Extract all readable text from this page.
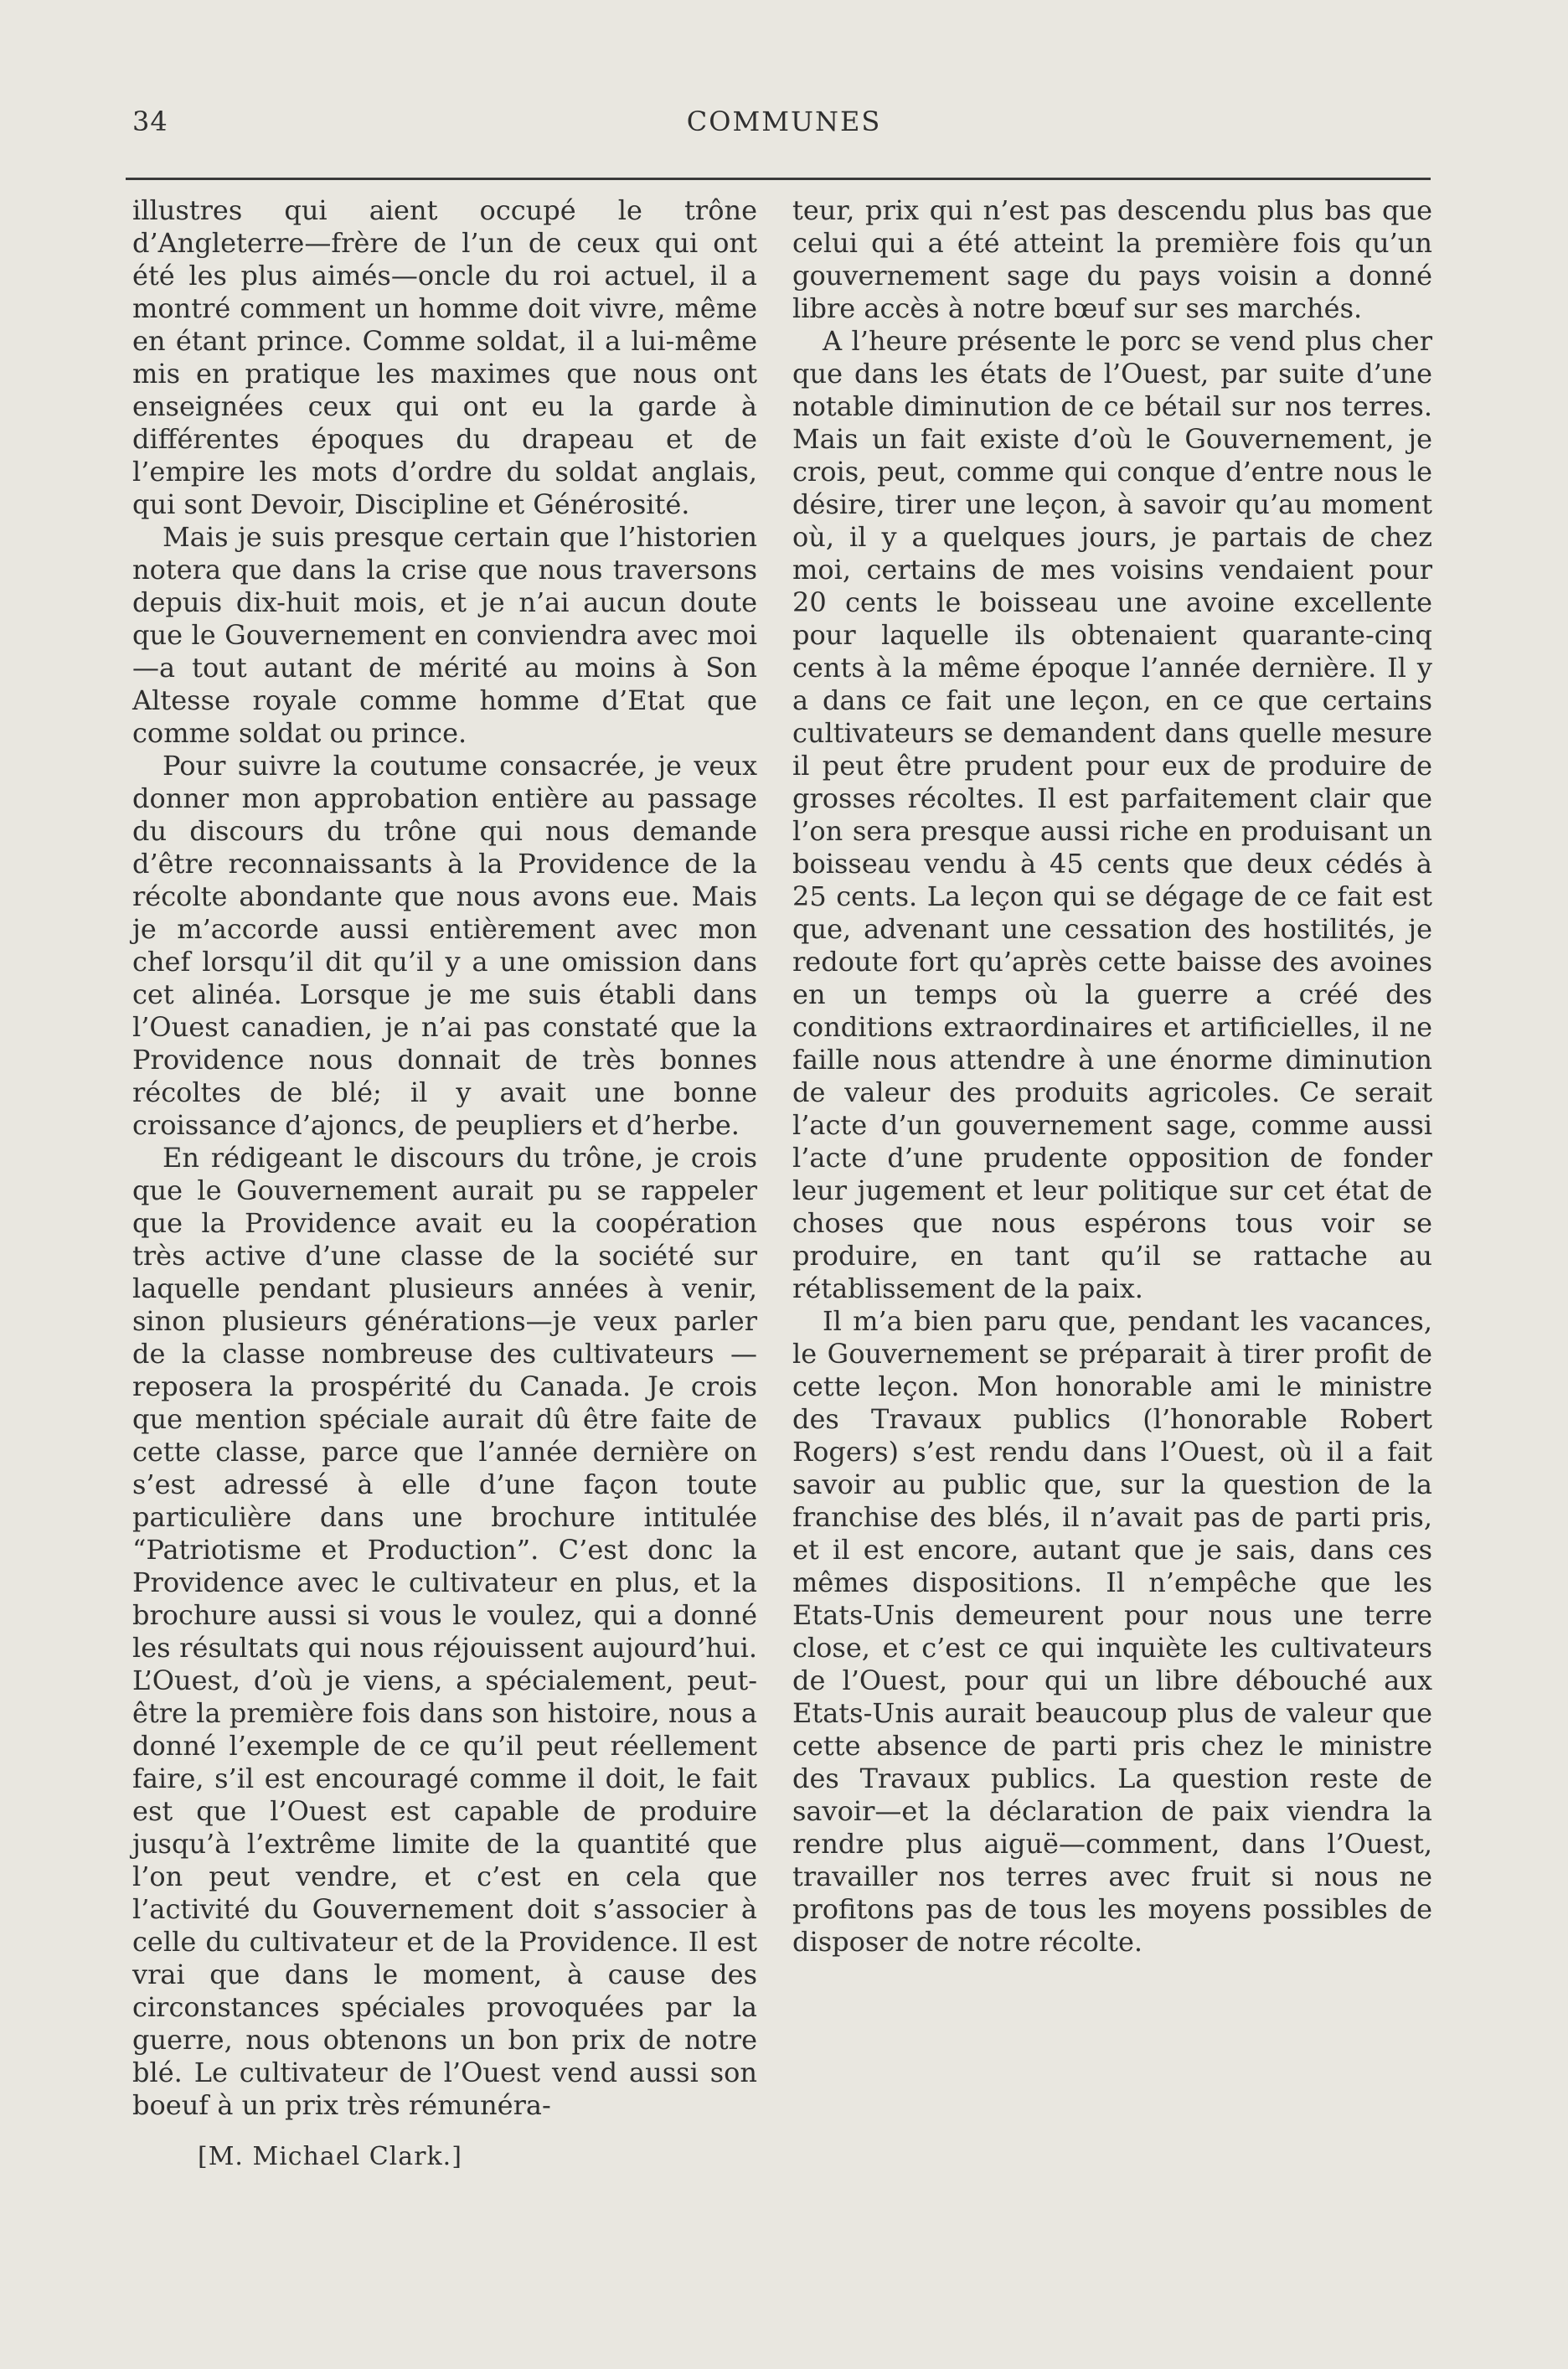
34	COMMUNES

illustres qui aient occupé le trône d’Angleterre—frère de l’un de ceux qui ont été les plus aimés—oncle du roi actuel, il a montré comment un homme doit vivre, même en étant prince. Comme soldat, il a lui-même mis en pratique les maximes que nous ont enseignées ceux qui ont eu la garde à différentes époques du drapeau et de l’empire les mots d’ordre du soldat anglais, qui sont Devoir, Discipline et Générosité.

Mais je suis presque certain que l’historien notera que dans la crise que nous traversons depuis dix-huit mois, et je n’ai aucun doute que le Gouvernement en conviendra avec moi—a tout autant de mérité au moins à Son Altesse royale comme homme d’Etat que comme soldat ou prince.

Pour suivre la coutume consacrée, je veux donner mon approbation entière au passage du discours du trône qui nous demande d’être reconnaissants à la Providence de la récolte abondante que nous avons eue. Mais je m’accorde aussi entièrement avec mon chef lorsqu’il dit qu’il y a une omission dans cet alinéa. Lorsque je me suis établi dans l’Ouest canadien, je n’ai pas constaté que la Providence nous donnait de très bonnes récoltes de blé; il y avait une bonne croissance d’ajoncs, de peupliers et d’herbe.

En rédigeant le discours du trône, je crois que le Gouvernement aurait pu se rappeler que la Providence avait eu la coopération très active d’une classe de la société sur laquelle pendant plusieurs années à venir, sinon plusieurs générations—je veux parler de la classe nombreuse des cultivateurs —reposera la prospérité du Canada. Je crois que mention spéciale aurait dû être faite de cette classe, parce que l’année dernière on s’est adressé à elle d’une façon toute particulière dans une brochure intitulée “Patriotisme et Production”. C’est donc la Providence avec le cultivateur en plus, et la brochure aussi si vous le voulez, qui a donné les résultats qui nous réjouissent aujourd’hui. L’Ouest, d’où je viens, a spécialement, peut-être la première fois dans son histoire, nous a donné l’exemple de ce qu’il peut réellement faire, s’il est encouragé comme il doit, le fait est que l’Ouest est capable de produire jusqu’à l’extrême limite de la quantité que l’on peut vendre, et c’est en cela que l’activité du Gouvernement doit s’associer à celle du cultivateur et de la Providence. Il est vrai que dans le moment, à cause des circonstances spéciales provoquées par la guerre, nous obtenons un bon prix de notre blé. Le cultivateur de l’Ouest vend aussi son boeuf à un prix très rémunéra-

[M. Michael Clark.]

teur, prix qui n’est pas descendu plus bas que celui qui a été atteint la première fois qu’un gouvernement sage du pays voisin a donné libre accès à notre bœuf sur ses marchés.

A l’heure présente le porc se vend plus cher que dans les états de l’Ouest, par suite d’une notable diminution de ce bétail sur nos terres. Mais un fait existe d’où le Gouvernement, je crois, peut, comme qui conque d’entre nous le désire, tirer une leçon, à savoir qu’au moment où, il y a quelques jours, je partais de chez moi, certains de mes voisins vendaient pour 20 cents le boisseau une avoine excellente pour laquelle ils obtenaient quarante-cinq cents à la même époque l’année dernière. Il y a dans ce fait une leçon, en ce que certains cultivateurs se demandent dans quelle mesure il peut être prudent pour eux de produire de grosses récoltes. Il est parfaitement clair que l’on sera presque aussi riche en produisant un boisseau vendu à 45 cents que deux cédés à 25 cents. La leçon qui se dégage de ce fait est que, advenant une cessation des hostilités, je redoute fort qu’après cette baisse des avoines en un temps où la guerre a créé des conditions extraordinaires et artificielles, il ne faille nous attendre à une énorme diminution de valeur des produits agricoles. Ce serait l’acte d’un gouvernement sage, comme aussi l’acte d’une prudente opposition de fonder leur jugement et leur politique sur cet état de choses que nous espérons tous voir se produire, en tant qu’il se rattache au rétablissement de la paix.

Il m’a bien paru que, pendant les vacances, le Gouvernement se préparait à tirer profit de cette leçon. Mon honorable ami le ministre des Travaux publics (l’honorable Robert Rogers) s’est rendu dans l’Ouest, où il a fait savoir au public que, sur la question de la franchise des blés, il n’avait pas de parti pris, et il est encore, autant que je sais, dans ces mêmes dispositions. Il n’empêche que les Etats-Unis demeurent pour nous une terre close, et c’est ce qui inquiète les cultivateurs de l’Ouest, pour qui un libre débouché aux Etats-Unis aurait beaucoup plus de valeur que cette absence de parti pris chez le ministre des Travaux publics. La question reste de savoir—et la déclaration de paix viendra la rendre plus aiguë—comment, dans l’Ouest, travailler nos terres avec fruit si nous ne profitons pas de tous les moyens possibles de disposer de notre récolte.
